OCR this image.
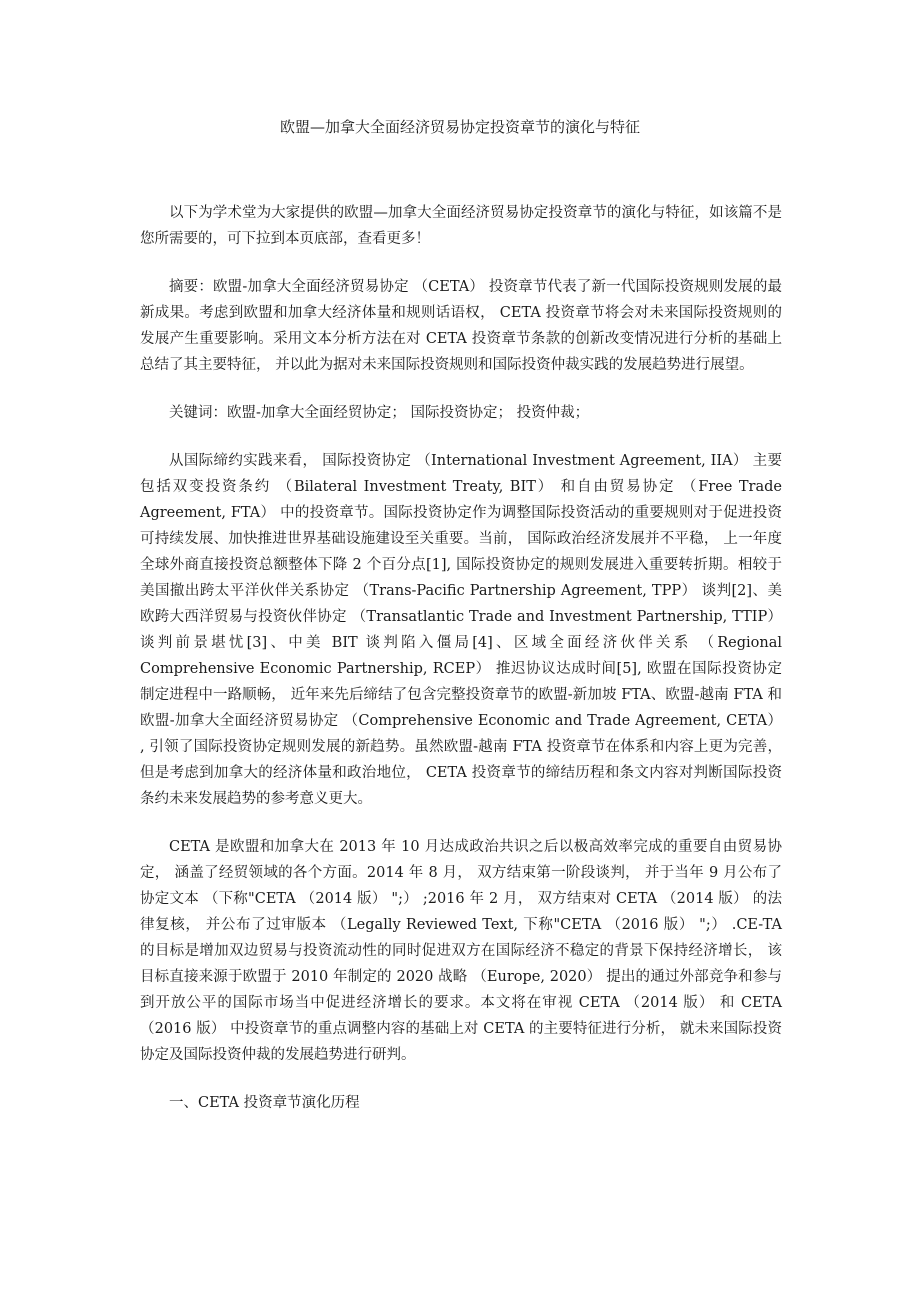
欧盟—加拿大全面经济贸易协定投资章节的演化与特征

以下为学术堂为大家提供的欧盟—加拿大全面经济贸易协定投资章节的演化与特征，如该篇不是您所需要的，可下拉到本页底部，查看更多！

摘要：欧盟-加拿大全面经济贸易协定 （CETA） 投资章节代表了新一代国际投资规则发展的最新成果。考虑到欧盟和加拿大经济体量和规则话语权， CETA 投资章节将会对未来国际投资规则的发展产生重要影响。采用文本分析方法在对 CETA 投资章节条款的创新改变情况进行分析的基础上总结了其主要特征， 并以此为据对未来国际投资规则和国际投资仲裁实践的发展趋势进行展望。

关键词：欧盟-加拿大全面经贸协定； 国际投资协定； 投资仲裁；

从国际缔约实践来看， 国际投资协定 （International Investment Agreement, IIA） 主要包括双变投资条约 （Bilateral Investment Treaty, BIT） 和自由贸易协定 （Free Trade Agreement, FTA） 中的投资章节。国际投资协定作为调整国际投资活动的重要规则对于促进投资可持续发展、加快推进世界基础设施建设至关重要。当前， 国际政治经济发展并不平稳， 上一年度全球外商直接投资总额整体下降 2 个百分点[1], 国际投资协定的规则发展进入重要转折期。相较于美国撤出跨太平洋伙伴关系协定 （Trans-Pacific Partnership Agreement, TPP） 谈判[2]、美欧跨大西洋贸易与投资伙伴协定 （Transatlantic Trade and Investment Partnership, TTIP） 谈判前景堪忧[3]、中美 BIT 谈判陷入僵局[4]、区域全面经济伙伴关系 （Regional Comprehensive Economic Partnership, RCEP） 推迟协议达成时间[5], 欧盟在国际投资协定制定进程中一路顺畅， 近年来先后缔结了包含完整投资章节的欧盟-新加坡 FTA、欧盟-越南 FTA 和欧盟-加拿大全面经济贸易协定 （Comprehensive Economic and Trade Agreement, CETA） , 引领了国际投资协定规则发展的新趋势。虽然欧盟-越南 FTA 投资章节在体系和内容上更为完善， 但是考虑到加拿大的经济体量和政治地位， CETA 投资章节的缔结历程和条文内容对判断国际投资条约未来发展趋势的参考意义更大。

CETA 是欧盟和加拿大在 2013 年 10 月达成政治共识之后以极高效率完成的重要自由贸易协定， 涵盖了经贸领域的各个方面。2014 年 8 月， 双方结束第一阶段谈判， 并于当年 9 月公布了协定文本 （下称"CETA （2014 版） ";） ;2016 年 2 月， 双方结束对 CETA （2014 版） 的法律复核， 并公布了过审版本 （Legally Reviewed Text, 下称"CETA （2016 版） ";） .CE-TA 的目标是增加双边贸易与投资流动性的同时促进双方在国际经济不稳定的背景下保持经济增长， 该目标直接来源于欧盟于 2010 年制定的 2020 战略 （Europe, 2020） 提出的通过外部竞争和参与到开放公平的国际市场当中促进经济增长的要求。本文将在审视 CETA （2014 版） 和 CETA （2016 版） 中投资章节的重点调整内容的基础上对 CETA 的主要特征进行分析， 就未来国际投资协定及国际投资仲裁的发展趋势进行研判。

一、CETA 投资章节演化历程
